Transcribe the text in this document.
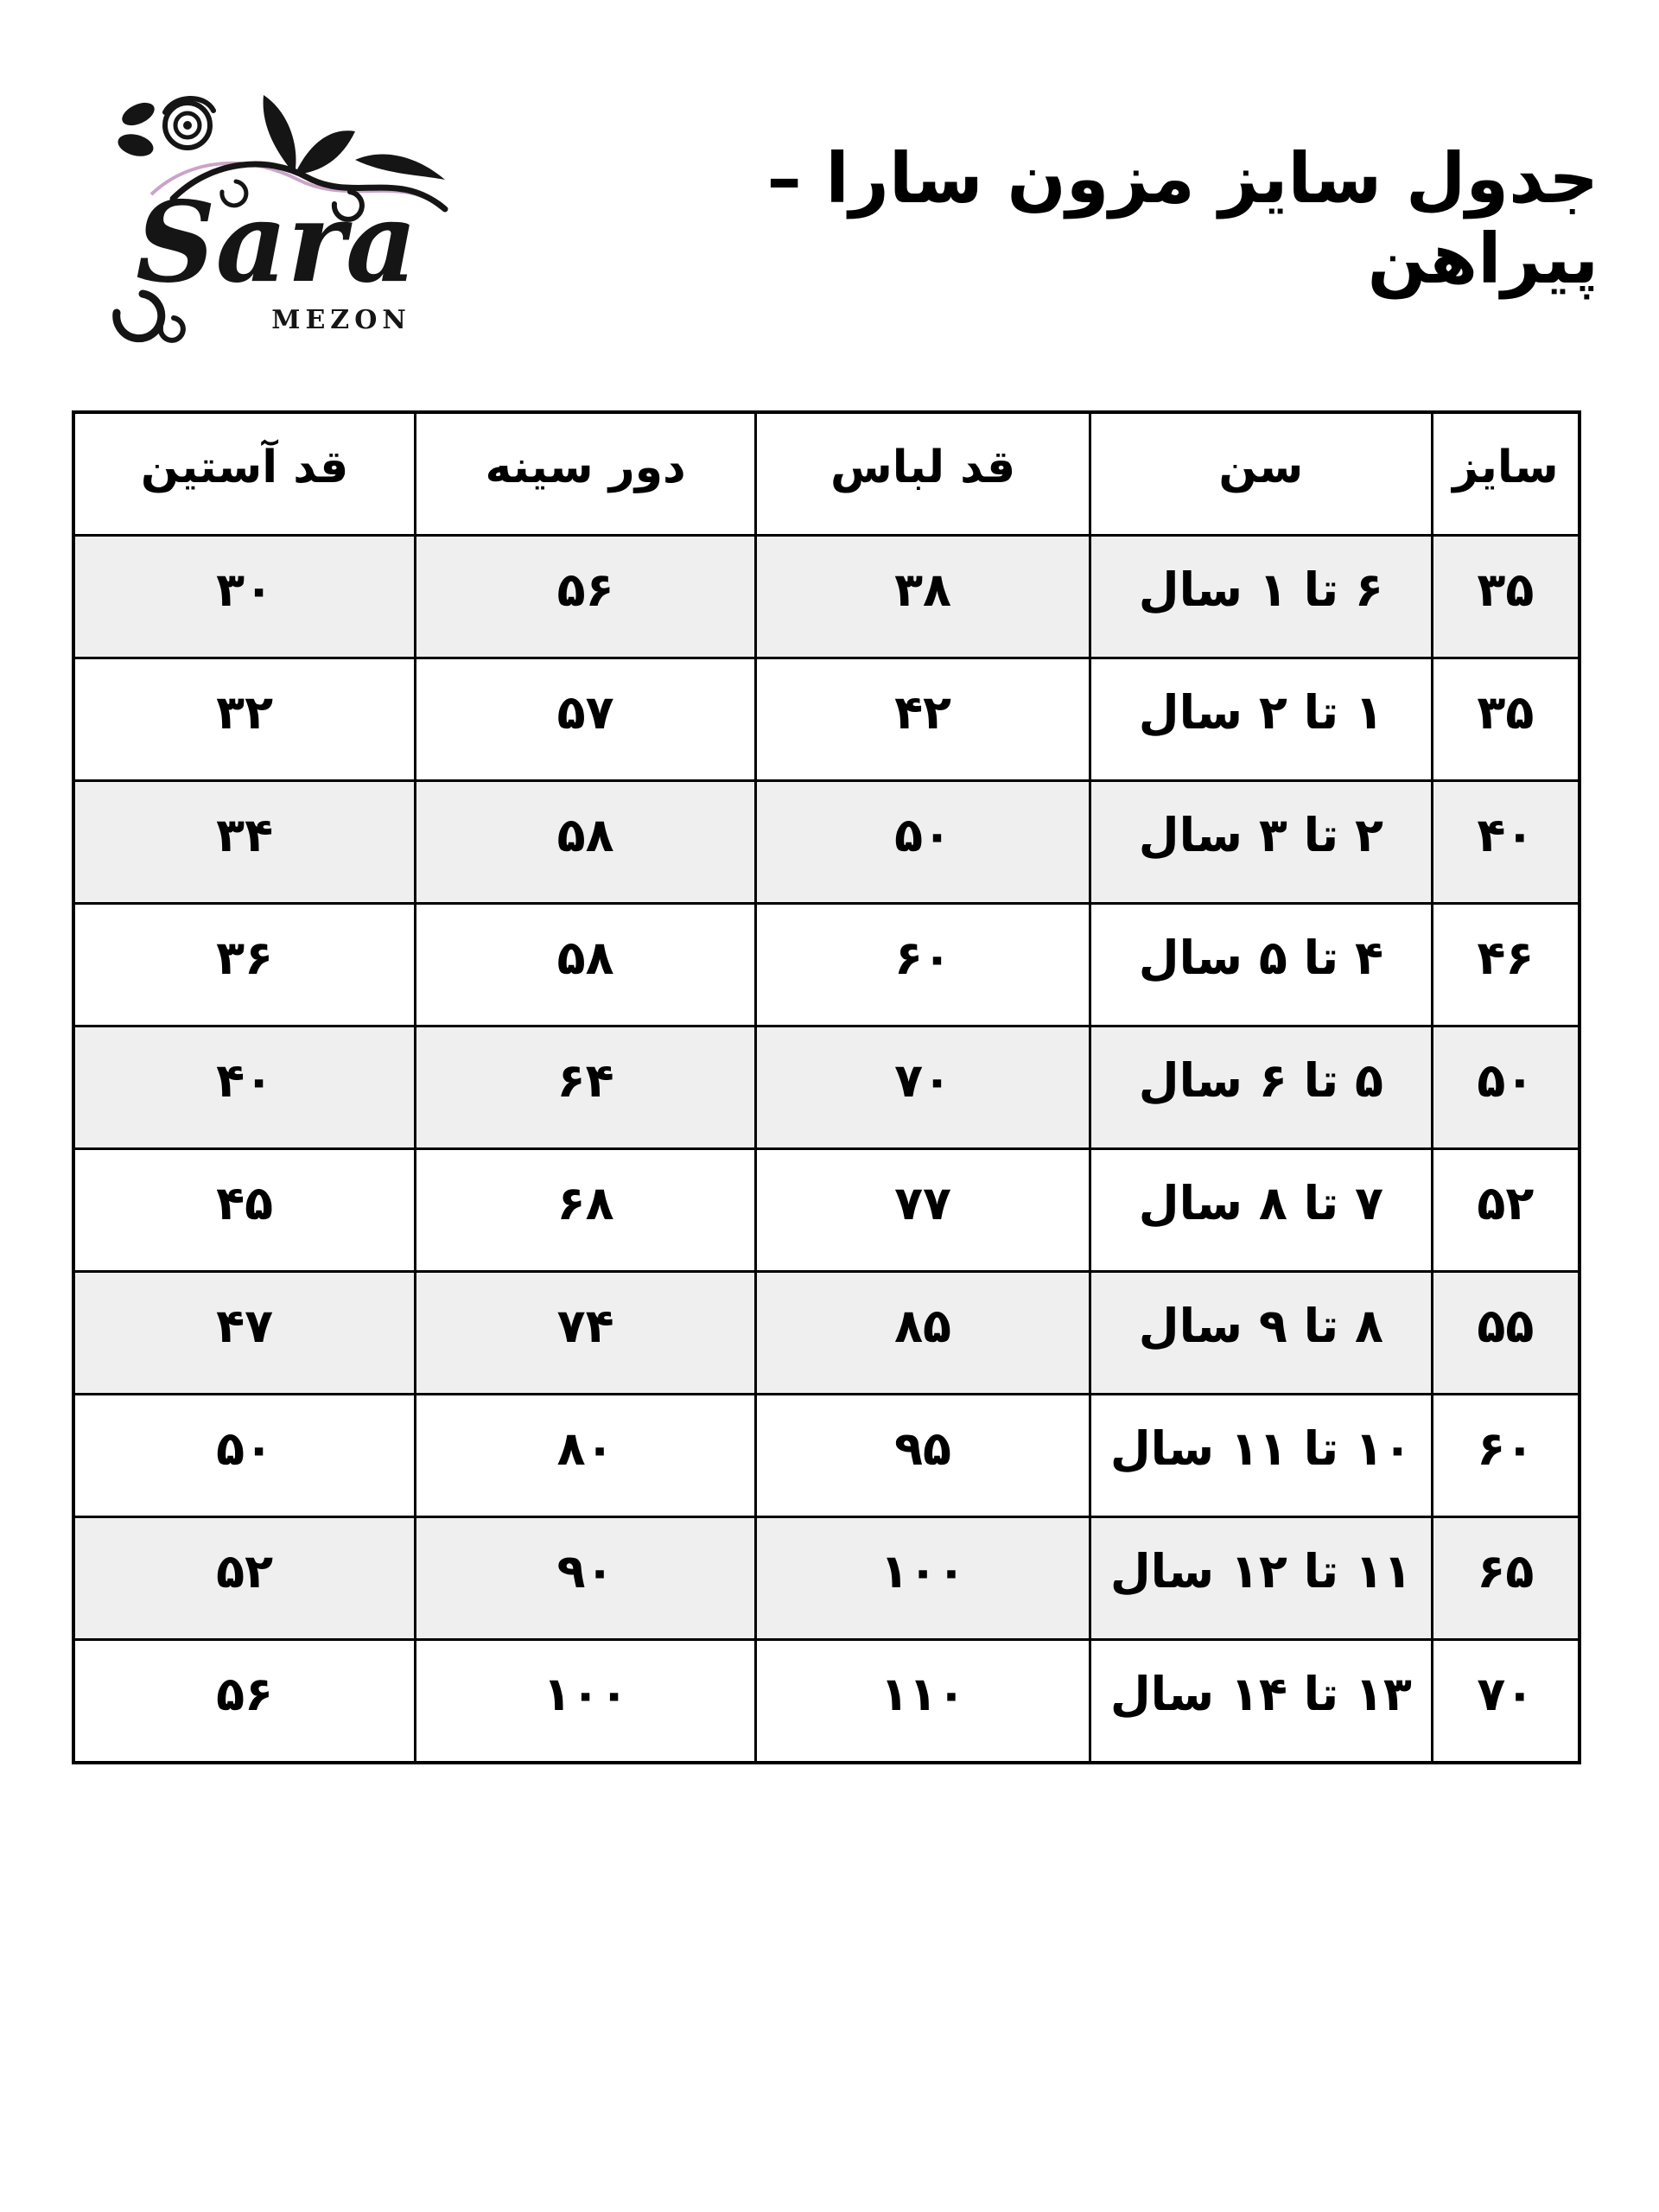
Sara
MEZON
جدول سایز مزون سارا – پیراهن
سایز	سن	قد لباس	دور سینه	قد آستین
۳۵	۶ تا ۱ سال	۳۸	۵۶	۳۰
۳۵	۱ تا ۲ سال	۴۲	۵۷	۳۲
۴۰	۲ تا ۳ سال	۵۰	۵۸	۳۴
۴۶	۴ تا ۵ سال	۶۰	۵۸	۳۶
۵۰	۵ تا ۶ سال	۷۰	۶۴	۴۰
۵۲	۷ تا ۸ سال	۷۷	۶۸	۴۵
۵۵	۸ تا ۹ سال	۸۵	۷۴	۴۷
۶۰	۱۰ تا ۱۱ سال	۹۵	۸۰	۵۰
۶۵	۱۱ تا ۱۲ سال	۱۰۰	۹۰	۵۲
۷۰	۱۳ تا ۱۴ سال	۱۱۰	۱۰۰	۵۶
